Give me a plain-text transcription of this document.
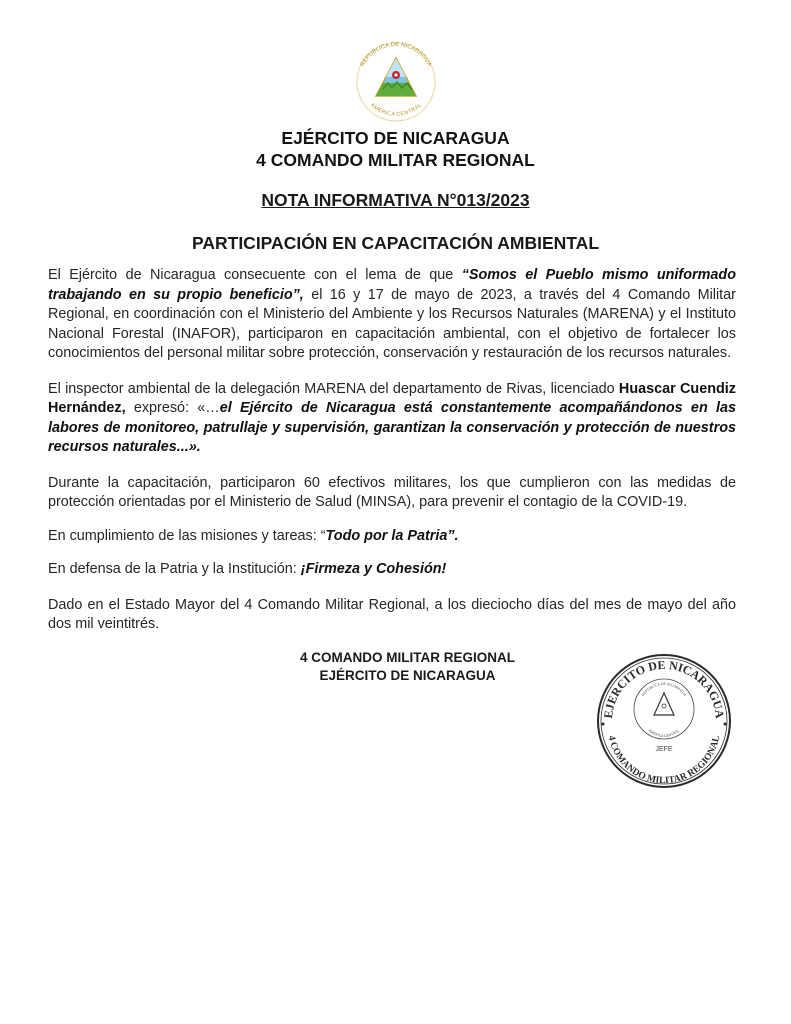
REPUBLICA DE NICARAGUA
AMERICA CENTRAL
EJÉRCITO DE NICARAGUA
4 COMANDO MILITAR REGIONAL
NOTA INFORMATIVA N°013/2023
PARTICIPACIÓN EN CAPACITACIÓN AMBIENTAL
El Ejército de Nicaragua consecuente con el lema de que “Somos el Pueblo mismo uniformado trabajando en su propio beneficio”, el 16 y 17 de mayo de 2023, a través del 4 Comando Militar Regional, en coordinación con el Ministerio del Ambiente y los Recursos Naturales (MARENA) y el Instituto Nacional Forestal (INAFOR), participaron en capacitación ambiental, con el objetivo de fortalecer los conocimientos del personal militar sobre protección, conservación y restauración de los recursos naturales.
El inspector ambiental de la delegación MARENA del departamento de Rivas, licenciado Huascar Cuendiz Hernández, expresó: «…el Ejército de Nicaragua está constantemente acompañándonos en las labores de monitoreo, patrullaje y supervisión, garantizan la conservación y protección de nuestros recursos naturales...».
Durante la capacitación, participaron 60 efectivos militares, los que cumplieron con las medidas de protección orientadas por el Ministerio de Salud (MINSA), para prevenir el contagio de la COVID-19.
En cumplimiento de las misiones y tareas: “Todo por la Patria”.
En defensa de la Patria y la Institución: ¡Firmeza y Cohesión!
Dado en el Estado Mayor del 4 Comando Militar Regional, a los dieciocho días del mes de mayo del año dos mil veintitrés.
4 COMANDO MILITAR REGIONAL
EJÉRCITO DE NICARAGUA
EJERCITO DE NICARAGUA
4 COMANDO MILITAR REGIONAL
REPUBLICA DE NICARAGUA
AMERICA CENTRAL
JEFE
